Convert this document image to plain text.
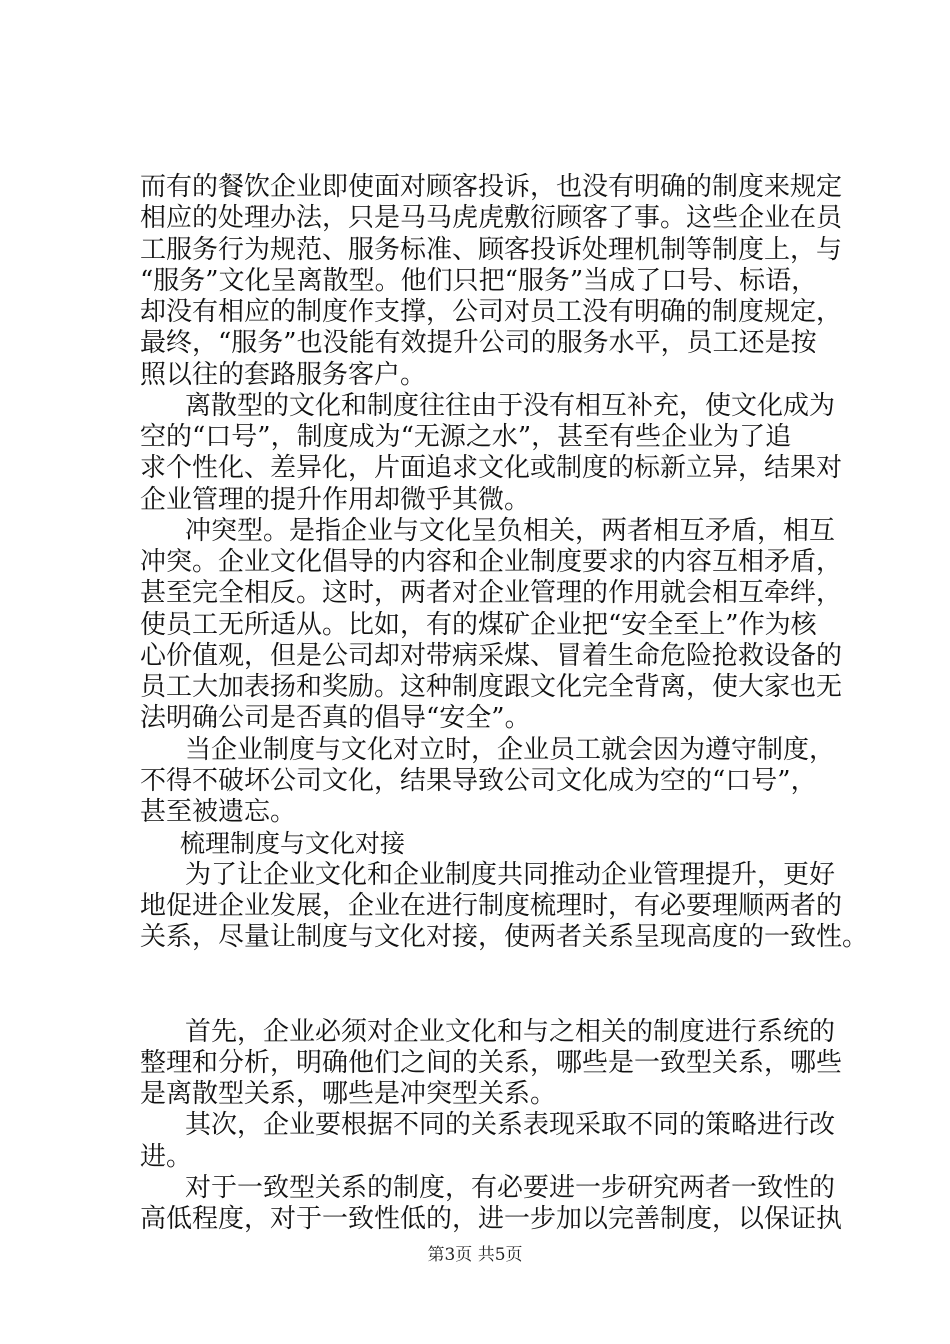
而有的餐饮企业即使面对顾客投诉，也没有明确的制度来规定

相应的处理办法，只是马马虎虎敷衍顾客了事。这些企业在员

工服务行为规范、服务标准、顾客投诉处理机制等制度上，与

“服务”文化呈离散型。他们只把“服务”当成了口号、标语，

却没有相应的制度作支撑，公司对员工没有明确的制度规定，

最终，“服务”也没能有效提升公司的服务水平，员工还是按

照以往的套路服务客户。

离散型的文化和制度往往由于没有相互补充，使文化成为

空的“口号”，制度成为“无源之水”，甚至有些企业为了追

求个性化、差异化，片面追求文化或制度的标新立异，结果对

企业管理的提升作用却微乎其微。

冲突型。是指企业与文化呈负相关，两者相互矛盾，相互

冲突。企业文化倡导的内容和企业制度要求的内容互相矛盾，

甚至完全相反。这时，两者对企业管理的作用就会相互牵绊，

使员工无所适从。比如，有的煤矿企业把“安全至上”作为核

心价值观，但是公司却对带病采煤、冒着生命危险抢救设备的

员工大加表扬和奖励。这种制度跟文化完全背离，使大家也无

法明确公司是否真的倡导“安全”。

当企业制度与文化对立时，企业员工就会因为遵守制度，

不得不破坏公司文化，结果导致公司文化成为空的“口号”，

甚至被遗忘。

梳理制度与文化对接

为了让企业文化和企业制度共同推动企业管理提升，更好

地促进企业发展，企业在进行制度梳理时，有必要理顺两者的

关系，尽量让制度与文化对接，使两者关系呈现高度的一致性。

首先，企业必须对企业文化和与之相关的制度进行系统的

整理和分析，明确他们之间的关系，哪些是一致型关系，哪些

是离散型关系，哪些是冲突型关系。

其次，企业要根据不同的关系表现采取不同的策略进行改

进。

对于一致型关系的制度，有必要进一步研究两者一致性的

高低程度，对于一致性低的，进一步加以完善制度，以保证执

第3页 共5页
